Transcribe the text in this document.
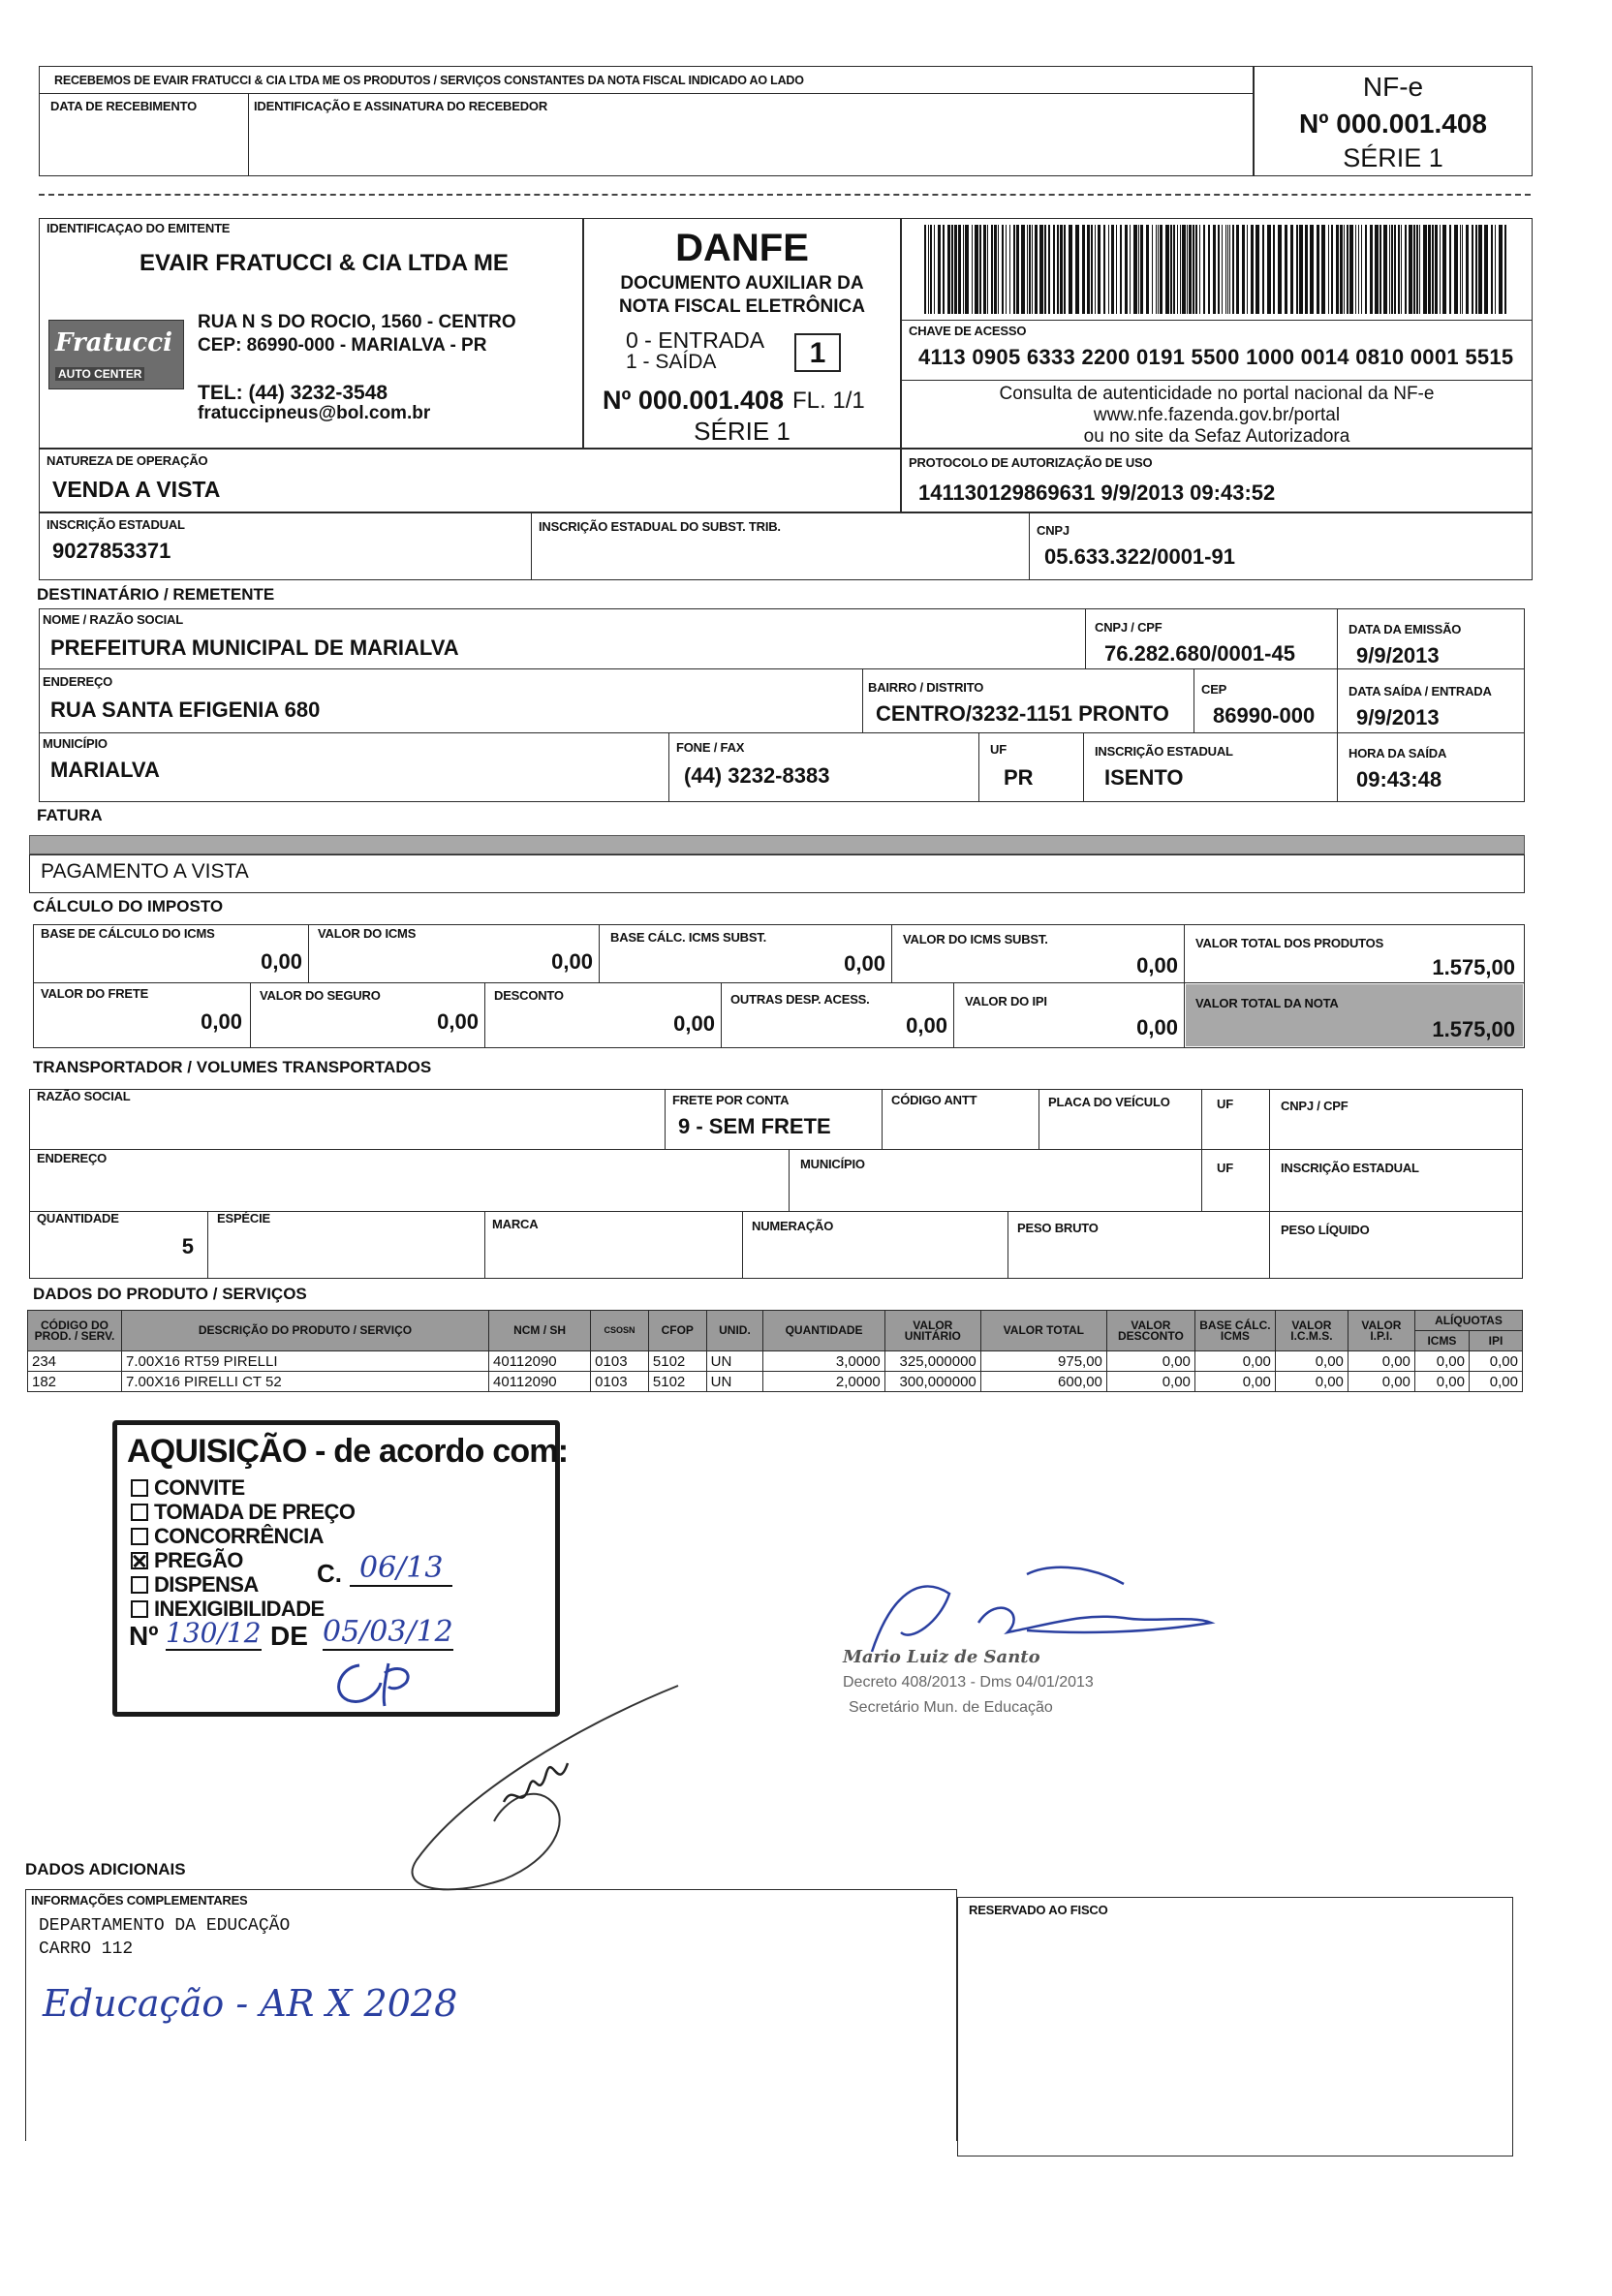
RECEBEMOS DE EVAIR FRATUCCI & CIA LTDA ME OS PRODUTOS / SERVIÇOS CONSTANTES DA NOTA FISCAL INDICADO AO LADO
DATA DE RECEBIMENTO	IDENTIFICAÇÃO E ASSINATURA DO RECEBEDOR
NF-e
Nº 000.001.408
SÉRIE 1
IDENTIFICAÇAO DO EMITENTE
EVAIR FRATUCCI & CIA LTDA ME
Fratucci
AUTO CENTER
RUA N S DO ROCIO, 1560 - CENTRO
CEP: 86990-000 - MARIALVA - PR
TEL: (44) 3232-3548
fratuccipneus@bol.com.br
DANFE
DOCUMENTO AUXILIAR DA
NOTA FISCAL ELETRÔNICA
0 - ENTRADA
1 - SAÍDA	1
Nº 000.001.408 FL. 1/1
SÉRIE 1
CHAVE DE ACESSO
4113 0905 6333 2200 0191 5500 1000 0014 0810 0001 5515
Consulta de autenticidade no portal nacional da NF-e
www.nfe.fazenda.gov.br/portal
ou no site da Sefaz Autorizadora
NATUREZA DE OPERAÇÃO
VENDA A VISTA
PROTOCOLO DE AUTORIZAÇÃO DE USO
141130129869631 9/9/2013 09:43:52
INSCRIÇÃO ESTADUAL
9027853371
INSCRIÇÃO ESTADUAL DO SUBST. TRIB.	CNPJ
05.633.322/0001-91
DESTINATÁRIO / REMETENTE
NOME / RAZÃO SOCIAL
PREFEITURA MUNICIPAL DE MARIALVA
CNPJ / CPF
76.282.680/0001-45
DATA DA EMISSÃO
9/9/2013
ENDEREÇO
RUA SANTA EFIGENIA 680
BAIRRO / DISTRITO
CENTRO/3232-1151 PRONTO
CEP
86990-000
DATA SAÍDA / ENTRADA
9/9/2013
MUNICÍPIO
MARIALVA
FONE / FAX
(44) 3232-8383
UF
PR
INSCRIÇÃO ESTADUAL
ISENTO
HORA DA SAÍDA
09:43:48
FATURA
PAGAMENTO A VISTA
CÁLCULO DO IMPOSTO
BASE DE CÁLCULO DO ICMS
0,00
VALOR DO ICMS
0,00
BASE CÁLC. ICMS SUBST.
0,00
VALOR DO ICMS SUBST.
0,00
VALOR TOTAL DOS PRODUTOS
1.575,00
VALOR DO FRETE
0,00
VALOR DO SEGURO
0,00
DESCONTO
0,00
OUTRAS DESP. ACESS.
0,00
VALOR DO IPI
0,00
VALOR TOTAL DA NOTA
1.575,00
TRANSPORTADOR / VOLUMES TRANSPORTADOS
RAZÃO SOCIAL	FRETE POR CONTA
9 - SEM FRETE
CÓDIGO ANTT	PLACA DO VEÍCULO	UF	CNPJ / CPF
ENDEREÇO	MUNICÍPIO	UF	INSCRIÇÃO ESTADUAL
QUANTIDADE
5
ESPÉCIE	MARCA	NUMERAÇÃO	PESO BRUTO	PESO LÍQUIDO
DADOS DO PRODUTO / SERVIÇOS
CÓDIGO DO PROD. / SERV.	DESCRIÇÃO DO PRODUTO / SERVIÇO	NCM / SH	CSOSN	CFOP	UNID.	QUANTIDADE	VALOR UNITÁRIO	VALOR TOTAL	VALOR DESCONTO	BASE CÁLC. ICMS	VALOR I.C.M.S.	VALOR I.P.I.	ALÍQUOTAS	
													ICMS	IPI
234	7.00X16 RT59 PIRELLI	40112090	0103	5102	UN	3,0000	325,000000	975,00	0,00	0,00	0,00	0,00	0,00	0,00
182	7.00X16 PIRELLI CT 52	40112090	0103	5102	UN	2,0000	300,000000	600,00	0,00	0,00	0,00	0,00	0,00	0,00
AQUISIÇÃO - de acordo com:
CONVITE
TOMADA DE PREÇO
CONCORRÊNCIA
PREGÃO
DISPENSA
INEXIGIBILIDADE
C. 06/13
Nº 130/12 DE 05/03/12
Mario Luiz de Santo
Decreto 408/2013 - Dms 04/01/2013
Secretário Mun. de Educação
DADOS ADICIONAIS
INFORMAÇÕES COMPLEMENTARES
DEPARTAMENTO DA EDUCAÇÃO
CARRO 112
Educação - AR X 2028
RESERVADO AO FISCO
